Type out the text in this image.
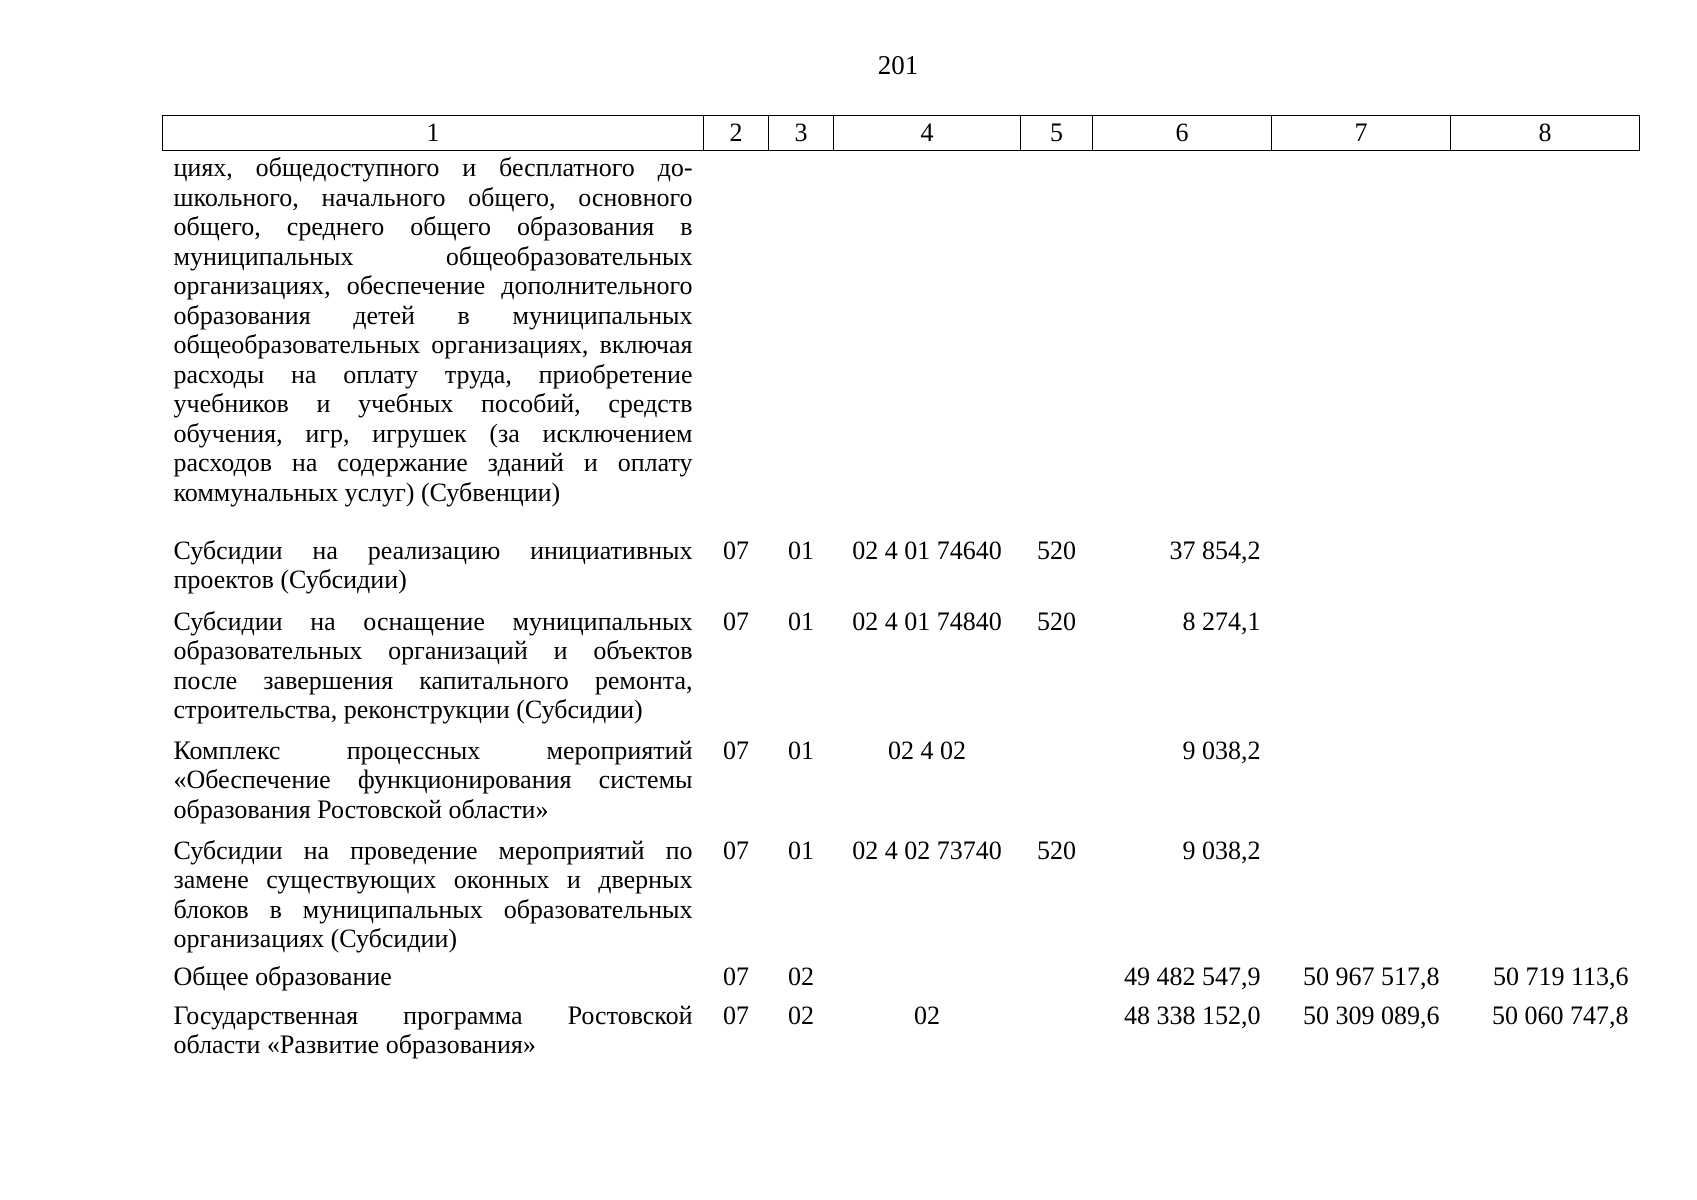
201
1	2	3	4	5	6	7	8
циях, общедоступного и бесплатного дошкольного, начального общего, основного общего, среднего общего образования в муниципальных общеобразовательных организациях, обеспечение дополнительного образования детей в муниципальных общеобразовательных организациях, включая расходы на оплату труда, приобретение учебников и учебных пособий, средств обучения, игр, игрушек (за исключением расходов на содержание зданий и оплату коммунальных услуг) (Субвенции)							
Субсидии на реализацию инициативных проектов (Субсидии)	07	01	02 4 01 74640	520	37 854,2		
Субсидии на оснащение муниципальных образовательных организаций и объектов после завершения капитального ремонта, строительства, реконструкции (Субсидии)	07	01	02 4 01 74840	520	8 274,1		
Комплекс процессных мероприятий «Обеспечение функционирования системы образования Ростовской области»	07	01	02 4 02		9 038,2		
Субсидии на проведение мероприятий по замене существующих оконных и дверных блоков в муниципальных образовательных организациях (Субсидии)	07	01	02 4 02 73740	520	9 038,2		
Общее образование	07	02			49 482 547,9	50 967 517,8	50 719 113,6
Государственная программа Ростовской области «Развитие образования»	07	02	02		48 338 152,0	50 309 089,6	50 060 747,8
